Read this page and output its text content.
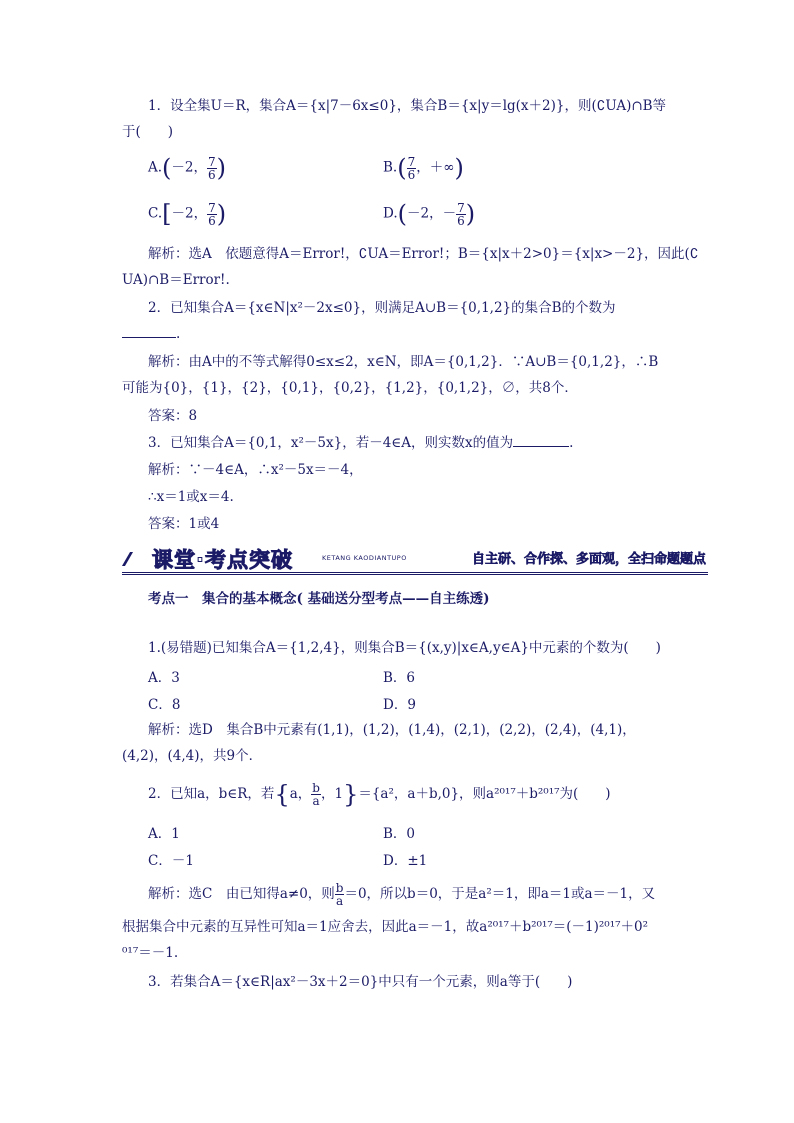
1．设全集U＝R，集合A＝{x|7－6x≤0}，集合B＝{x|y＝lg(x＋2)}，则(∁UA)∩B等
于(　　)
A.(－2， $\frac{7}{6}$ )	$B.( \frac{7}{6}$ ，＋∞)
C.[－2， $\frac{7}{6}$ )	D.(－2，－ $\frac{7}{6}$ )
解析：选A　依题意得A＝Error!，∁UA＝Error!；B＝{x|x＋2>0}＝{x|x>－2}，因此(∁
UA)∩B＝Error!.
2．已知集合A＝{x∈N|x²－2x≤0}，则满足A∪B＝{0,1,2}的集合B的个数为
.
解析：由A中的不等式解得0≤x≤2，x∈N，即A＝{0,1,2}．∵A∪B＝{0,1,2}，∴B
可能为{0}，{1}，{2}，{0,1}，{0,2}，{1,2}，{0,1,2}，∅，共8个．
答案：8
3．已知集合A＝{0,1，x²－5x}，若－4∈A，则实数x的值为	.
解析：∵－4∈A，∴x²－5x＝－4，
∴x＝1或x＝4.
答案：1或4
课堂·考点突破	KETANG KAODIANTUPO	自主研、合作探、多面观，全扫命题题点
考点一　集合的基本概念( 基础送分型考点——自主练透)
1.(易错题)已知集合A＝{1,2,4}，则集合B＝{(x,y)|x∈A,y∈A}中元素的个数为(　　)
A．3	B．6
C．8	D．9
解析：选D　集合B中元素有(1,1)，(1,2)，(1,4)，(2,1)，(2,2)，(2,4)，(4,1)，
(4,2)，(4,4)，共9个．
2．已知a，b∈R，若{a， $\frac{b}{a}$ ，1}＝{a²，a＋b,0}，则a²⁰¹⁷＋b²⁰¹⁷为(　　)
A．1	B．0
C．－1	D．±1
解析：选C　由已知得a≠0，则 $\frac{b}{a} =0$，所以b＝0，于是a²＝1，即a＝1或a＝－1，又
根据集合中元素的互异性可知a＝1应舍去，因此a＝－1，故a²⁰¹⁷＋b²⁰¹⁷＝(－1)²⁰¹⁷＋0²
⁰¹⁷＝－1.
3．若集合A＝{x∈R|ax²－3x＋2＝0}中只有一个元素，则a等于(　　)
